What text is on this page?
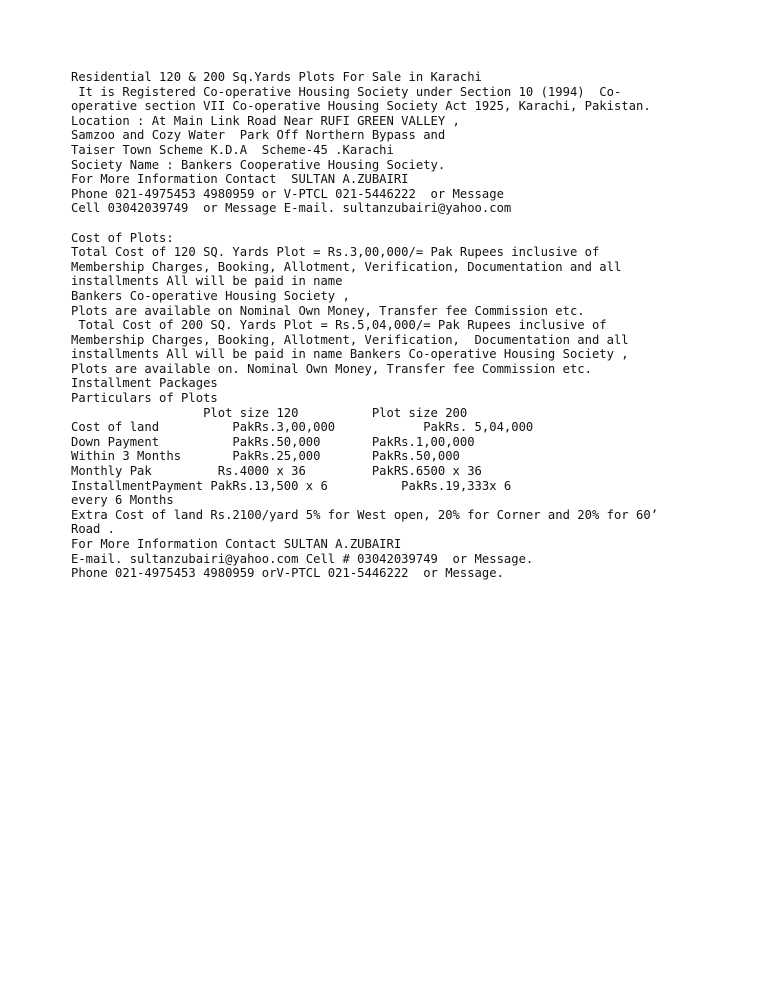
Residential 120 & 200 Sq.Yards Plots For Sale in Karachi
It is Registered Co-operative Housing Society under Section 10 (1994)  Co-
operative section VII Co-operative Housing Society Act 1925, Karachi, Pakistan.
Location : At Main Link Road Near RUFI GREEN VALLEY ,
Samzoo and Cozy Water  Park Off Northern Bypass and
Taiser Town Scheme K.D.A  Scheme-45 .Karachi
Society Name : Bankers Cooperative Housing Society.
For More Information Contact  SULTAN A.ZUBAIRI
Phone 021-4975453 4980959 or V-PTCL 021-5446222  or Message
Cell 03042039749  or Message E-mail. sultanzubairi@yahoo.com
Cost of Plots:
Total Cost of 120 SQ. Yards Plot = Rs.3,00,000/= Pak Rupees inclusive of
Membership Charges, Booking, Allotment, Verification, Documentation and all
installments All will be paid in name
Bankers Co-operative Housing Society ,
Plots are available on Nominal Own Money, Transfer fee Commission etc.
Total Cost of 200 SQ. Yards Plot = Rs.5,04,000/= Pak Rupees inclusive of
Membership Charges, Booking, Allotment, Verification,  Documentation and all
installments All will be paid in name Bankers Co-operative Housing Society ,
Plots are available on. Nominal Own Money, Transfer fee Commission etc.
Installment Packages
Particulars of Plots
Plot size 120          Plot size 200
Cost of land          PakRs.3,00,000            PakRs. 5,04,000
Down Payment          PakRs.50,000       PakRs.1,00,000
Within 3 Months       PakRs.25,000       PakRs.50,000
Monthly Pak         Rs.4000 x 36         PakRS.6500 x 36
InstallmentPayment PakRs.13,500 x 6          PakRs.19,333x 6
every 6 Months
Extra Cost of land Rs.2100/yard 5% for West open, 20% for Corner and 20% for 60’
Road .
For More Information Contact SULTAN A.ZUBAIRI
E-mail. sultanzubairi@yahoo.com Cell # 03042039749  or Message.
Phone 021-4975453 4980959 orV-PTCL 021-5446222  or Message.
